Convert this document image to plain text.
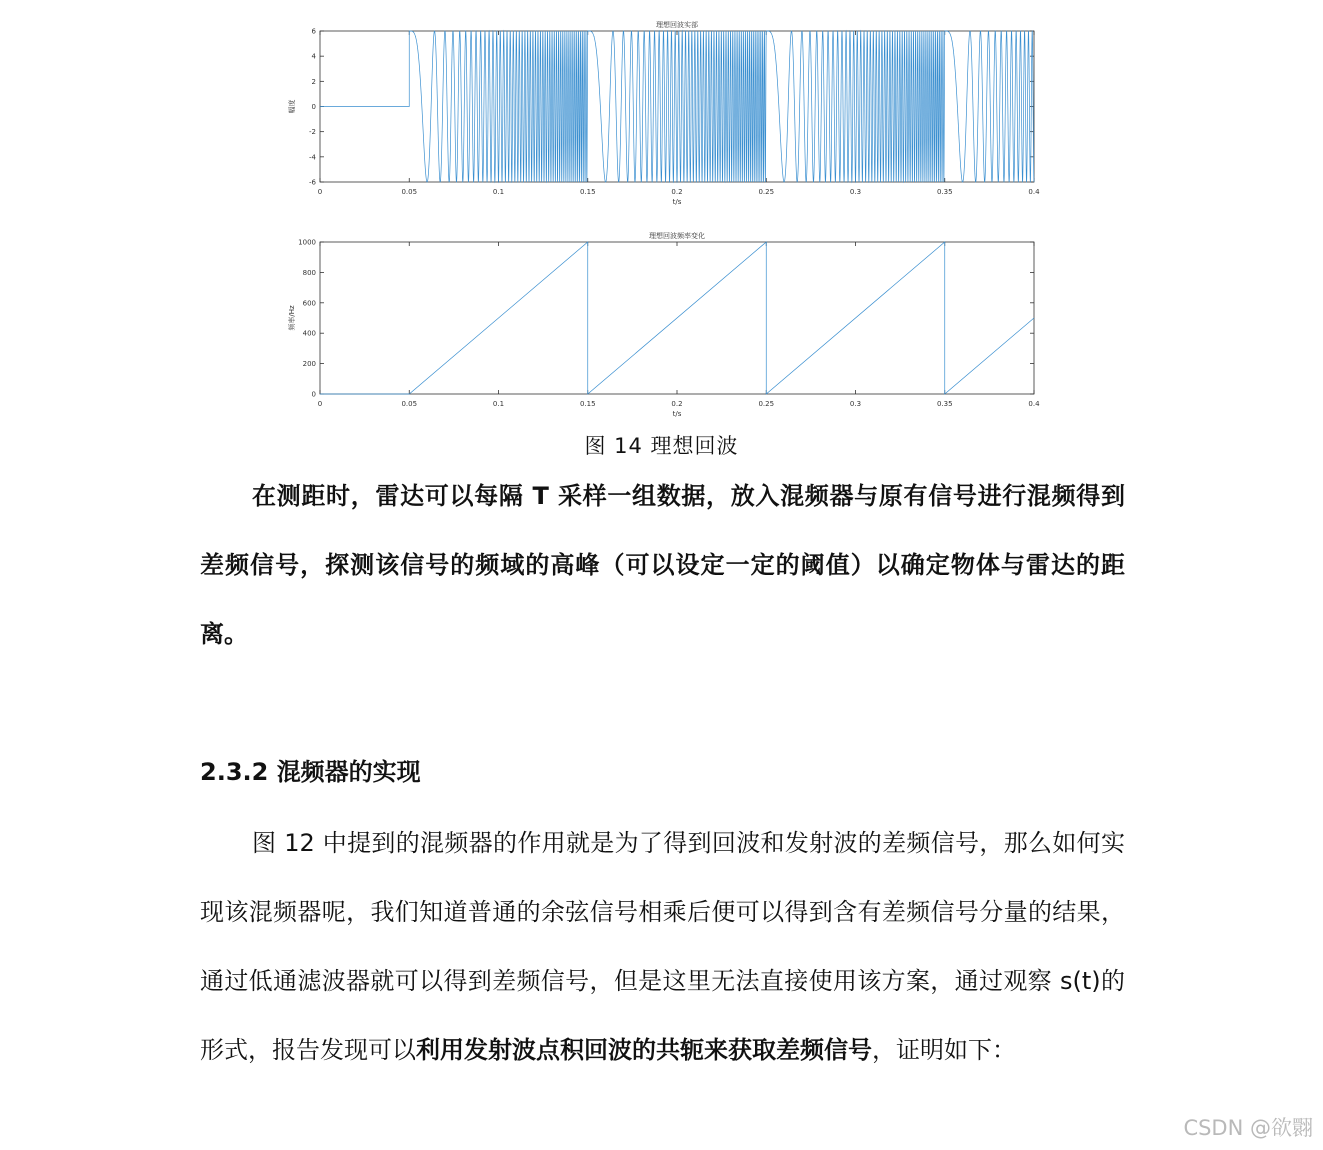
0	0.05	0.1	0.15	0.2	0.25	0.3	0.35	0.4
-6
-4
-2
0
2
4
6
理想回波实部
t/s
幅度
0	0.05	0.1	0.15	0.2	0.25	0.3	0.35	0.4
0
200
400
600
800
1000
理想回波频率变化
t/s
频率/Hz
图 14 理想回波

在测距时，雷达可以每隔 T 采样一组数据，放入混频器与原有信号进行混频得到差频信号，探测该信号的频域的高峰（可以设定一定的阈值）以确定物体与雷达的距离。

2.3.2 混频器的实现

图 12 中提到的混频器的作用就是为了得到回波和发射波的差频信号，那么如何实现该混频器呢，我们知道普通的余弦信号相乘后便可以得到含有差频信号分量的结果，通过低通滤波器就可以得到差频信号，但是这里无法直接使用该方案，通过观察 s(t)的形式，报告发现可以利用发射波点积回波的共轭来获取差频信号，证明如下：

CSDN @欲翾
